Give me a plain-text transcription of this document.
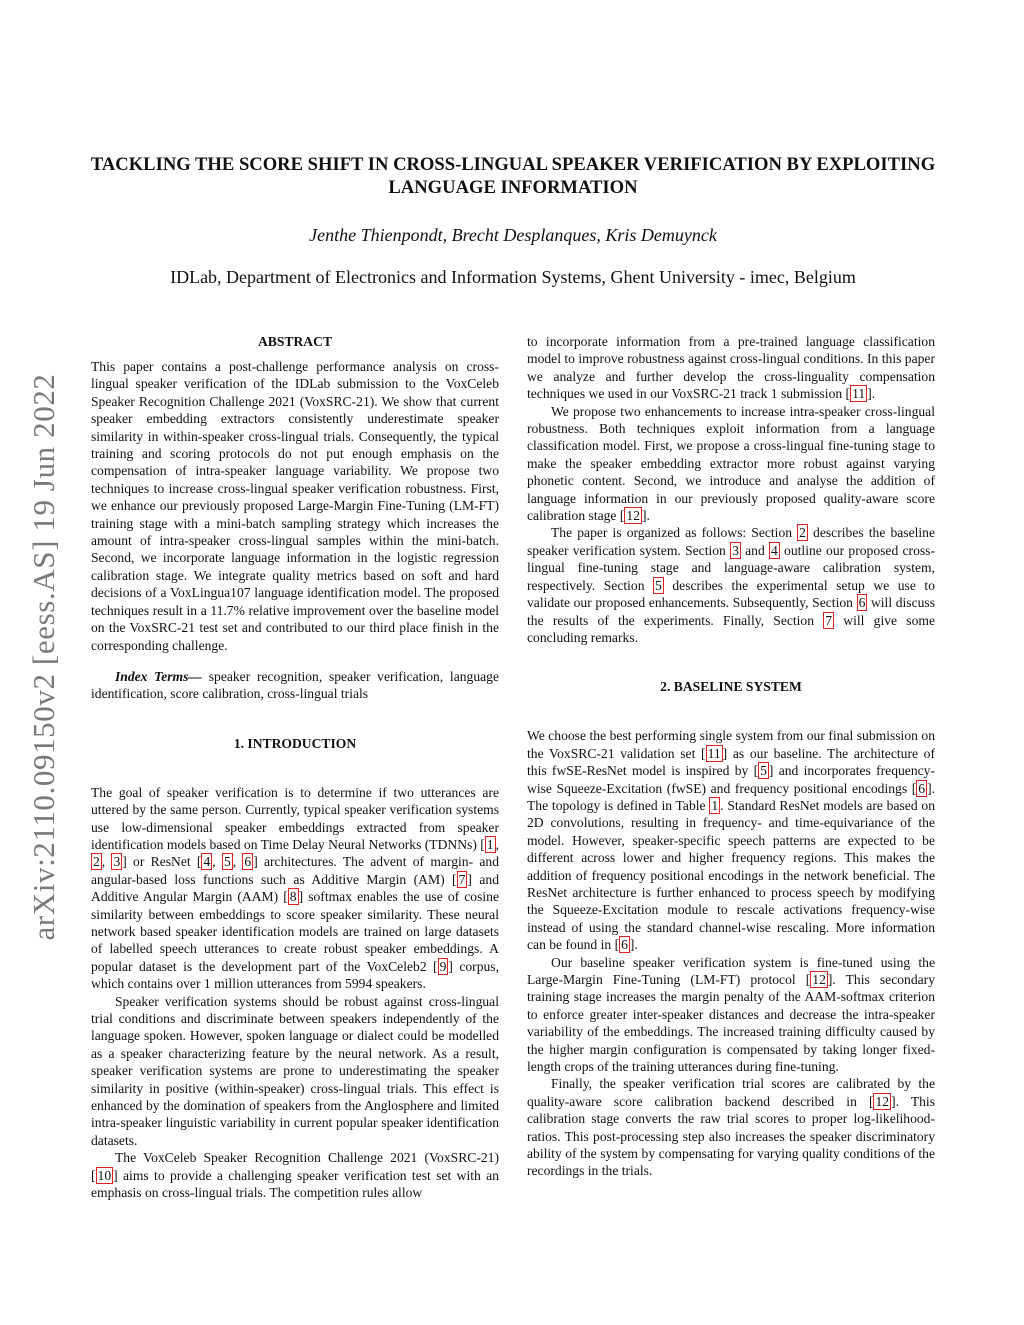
arXiv:2110.09150v2 [eess.AS] 19 Jun 2022
TACKLING THE SCORE SHIFT IN CROSS-LINGUAL SPEAKER VERIFICATION BY EXPLOITING LANGUAGE INFORMATION

Jenthe Thienpondt, Brecht Desplanques, Kris Demuynck

IDLab, Department of Electronics and Information Systems, Ghent University - imec, Belgium

ABSTRACT

This paper contains a post-challenge performance analysis on cross-lingual speaker verification of the IDLab submission to the VoxCeleb Speaker Recognition Challenge 2021 (VoxSRC-21). We show that current speaker embedding extractors consistently underestimate speaker similarity in within-speaker cross-lingual trials. Consequently, the typical training and scoring protocols do not put enough emphasis on the compensation of intra-speaker language variability. We propose two techniques to increase cross-lingual speaker verification robustness. First, we enhance our previously proposed Large-Margin Fine-Tuning (LM-FT) training stage with a mini-batch sampling strategy which increases the amount of intra-speaker cross-lingual samples within the mini-batch. Second, we incorporate language information in the logistic regression calibration stage. We integrate quality metrics based on soft and hard decisions of a VoxLingua107 language identification model. The proposed techniques result in a 11.7% relative improvement over the baseline model on the VoxSRC-21 test set and contributed to our third place finish in the corresponding challenge.

Index Terms— speaker recognition, speaker verification, language identification, score calibration, cross-lingual trials

1. INTRODUCTION

The goal of speaker verification is to determine if two utterances are uttered by the same person. Currently, typical speaker verification systems use low-dimensional speaker embeddings extracted from speaker identification models based on Time Delay Neural Networks (TDNNs) [ 1 , 2 , 3 ] or ResNet [ 4 , 5 , 6 ] architectures. The advent of margin- and angular-based loss functions such as Additive Margin (AM) [ 7 ] and Additive Angular Margin (AAM) [ 8 ] softmax enables the use of cosine similarity between embeddings to score speaker similarity. These neural network based speaker identification models are trained on large datasets of labelled speech utterances to create robust speaker embeddings. A popular dataset is the development part of the VoxCeleb2 [ 9 ] corpus, which contains over 1 million utterances from 5994 speakers.

Speaker verification systems should be robust against cross-lingual trial conditions and discriminate between speakers independently of the language spoken. However, spoken language or dialect could be modelled as a speaker characterizing feature by the neural network. As a result, speaker verification systems are prone to underestimating the speaker similarity in positive (within-speaker) cross-lingual trials. This effect is enhanced by the domination of speakers from the Anglosphere and limited intra-speaker linguistic variability in current popular speaker identification datasets.

The VoxCeleb Speaker Recognition Challenge 2021 (VoxSRC-21) [ 10 ] aims to provide a challenging speaker verification test set with an emphasis on cross-lingual trials. The competition rules allow

to incorporate information from a pre-trained language classification model to improve robustness against cross-lingual conditions. In this paper we analyze and further develop the cross-linguality compensation techniques we used in our VoxSRC-21 track 1 submission [ 11 ].

We propose two enhancements to increase intra-speaker cross-lingual robustness. Both techniques exploit information from a language classification model. First, we propose a cross-lingual fine-tuning stage to make the speaker embedding extractor more robust against varying phonetic content. Second, we introduce and analyse the addition of language information in our previously proposed quality-aware score calibration stage [ 12 ].

The paper is organized as follows: Section 2 describes the baseline speaker verification system. Section 3 and 4 outline our proposed cross-lingual fine-tuning stage and language-aware calibration system, respectively. Section 5 describes the experimental setup we use to validate our proposed enhancements. Subsequently, Section 6 will discuss the results of the experiments. Finally, Section 7 will give some concluding remarks.

2. BASELINE SYSTEM

We choose the best performing single system from our final submission on the VoxSRC-21 validation set [ 11 ] as our baseline. The architecture of this fwSE-ResNet model is inspired by [ 5 ] and incorporates frequency-wise Squeeze-Excitation (fwSE) and frequency positional encodings [ 6 ]. The topology is defined in Table 1 . Standard ResNet models are based on 2D convolutions, resulting in frequency- and time-equivariance of the model. However, speaker-specific speech patterns are expected to be different across lower and higher frequency regions. This makes the addition of frequency positional encodings in the network beneficial. The ResNet architecture is further enhanced to process speech by modifying the Squeeze-Excitation module to rescale activations frequency-wise instead of using the standard channel-wise rescaling. More information can be found in [ 6 ].

Our baseline speaker verification system is fine-tuned using the Large-Margin Fine-Tuning (LM-FT) protocol [ 12 ]. This secondary training stage increases the margin penalty of the AAM-softmax criterion to enforce greater inter-speaker distances and decrease the intra-speaker variability of the embeddings. The increased training difficulty caused by the higher margin configuration is compensated by taking longer fixed-length crops of the training utterances during fine-tuning.

Finally, the speaker verification trial scores are calibrated by the quality-aware score calibration backend described in [ 12 ]. This calibration stage converts the raw trial scores to proper log-likelihood-ratios. This post-processing step also increases the speaker discriminatory ability of the system by compensating for varying quality conditions of the recordings in the trials.
